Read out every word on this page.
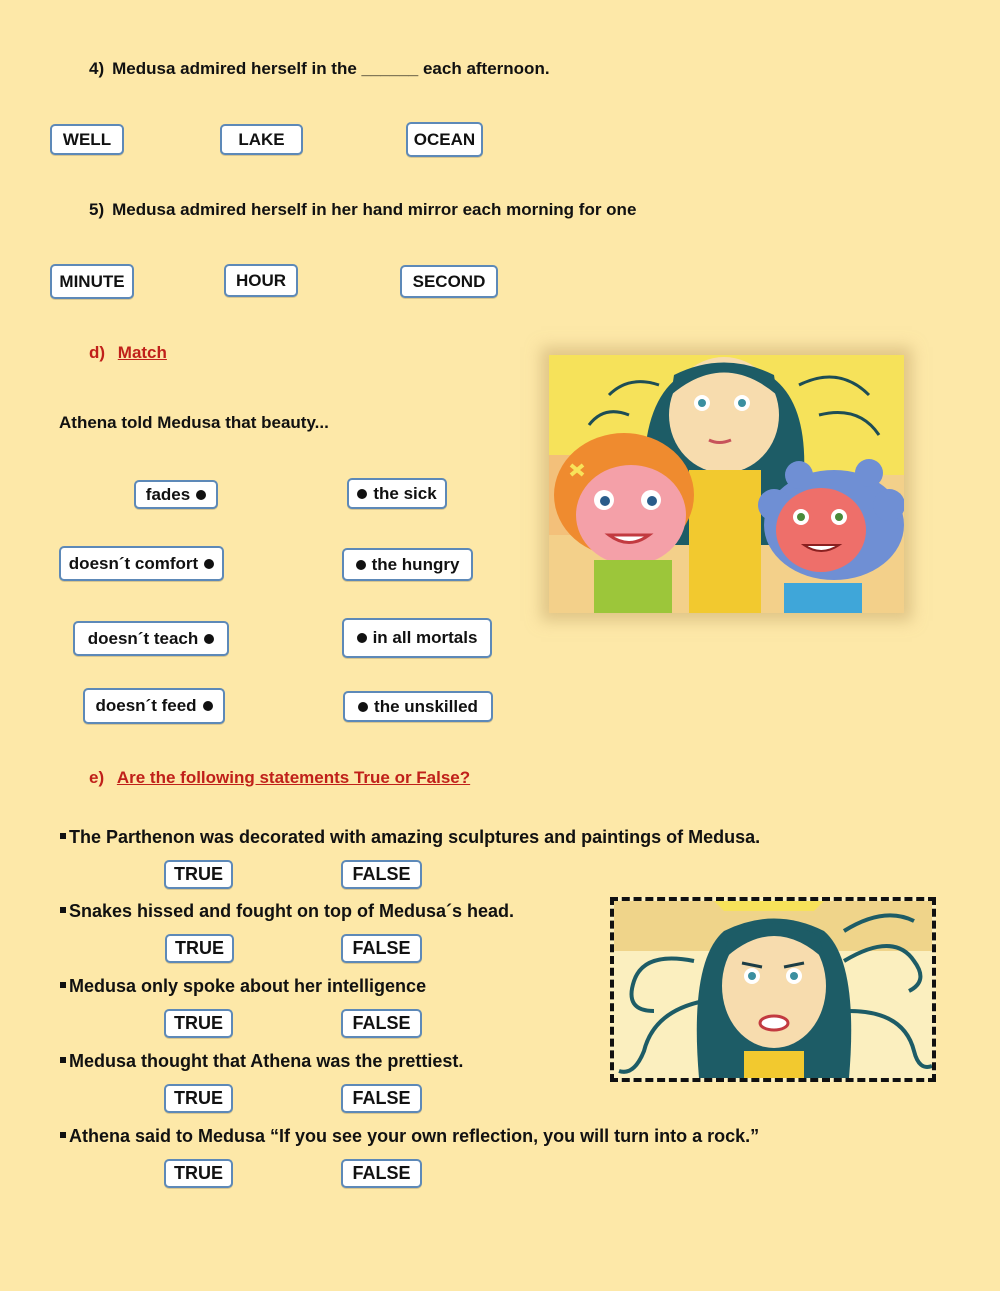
4) Medusa admired herself in the ______ each afternoon.
WELL	LAKE	OCEAN
5) Medusa admired herself in her hand mirror each morning for one
MINUTE	HOUR	SECOND
d) Match
Athena told Medusa that beauty...
fades
doesn´t comfort
doesn´t teach
doesn´t feed
the sick
the hungry
in all mortals
the unskilled
e) Are the following statements True or False?
The Parthenon was decorated with amazing sculptures and paintings of Medusa.
TRUE	FALSE
Snakes hissed and fought on top of Medusa´s head.
TRUE	FALSE
Medusa only spoke about her intelligence
TRUE	FALSE
Medusa thought that Athena was the prettiest.
TRUE	FALSE
Athena said to Medusa “If you see your own reflection, you will turn into a rock.”
TRUE	FALSE
